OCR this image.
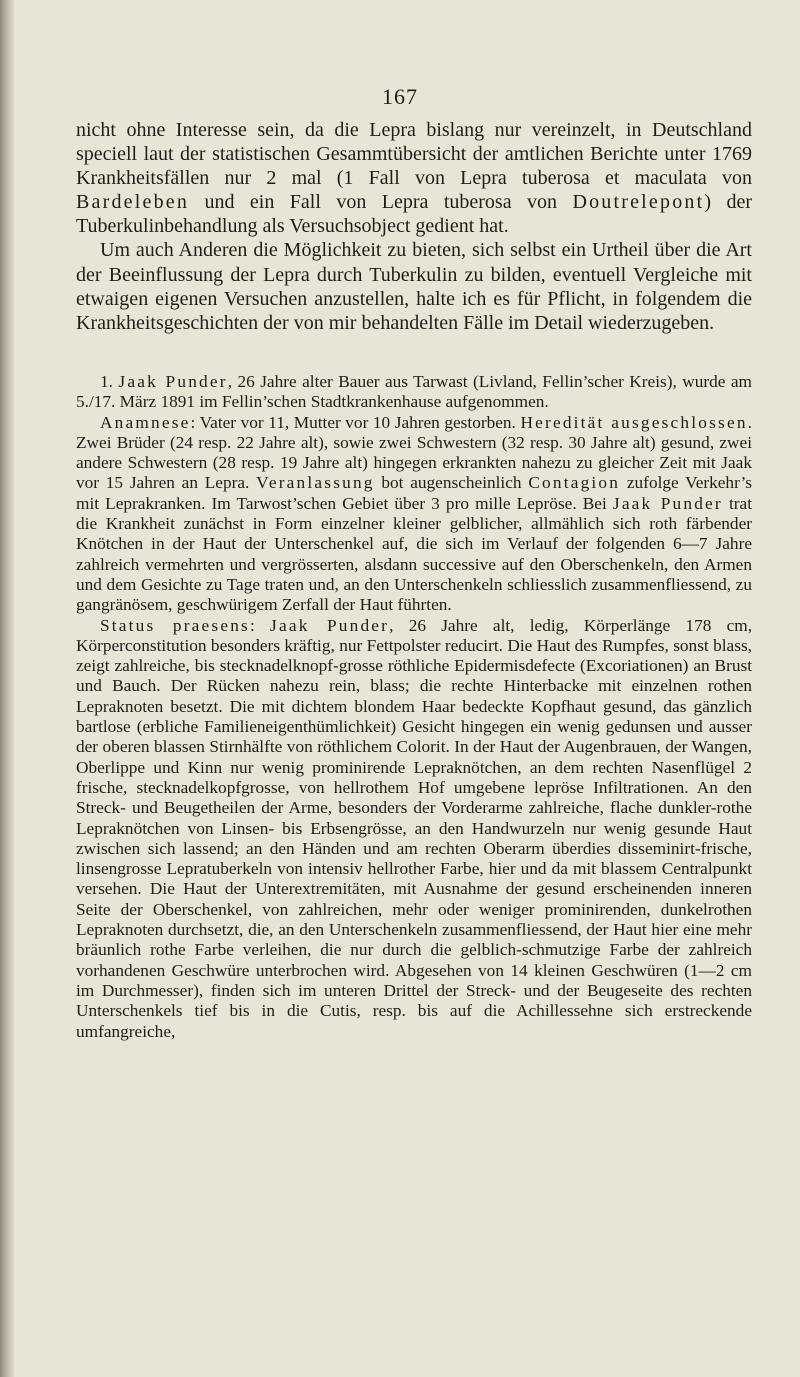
167

nicht ohne Interesse sein, da die Lepra bislang nur vereinzelt, in Deutschland speciell laut der statistischen Gesammtübersicht der amtlichen Berichte unter 1769 Krankheitsfällen nur 2 mal (1 Fall von Lepra tuberosa et maculata von Bardeleben und ein Fall von Lepra tuberosa von Doutrelepont) der Tuberkulinbehandlung als Versuchsobject gedient hat.

Um auch Anderen die Möglichkeit zu bieten, sich selbst ein Urtheil über die Art der Beeinflussung der Lepra durch Tuberkulin zu bilden, eventuell Vergleiche mit etwaigen eigenen Versuchen anzustellen, halte ich es für Pflicht, in folgendem die Krankheitsgeschichten der von mir behandelten Fälle im Detail wiederzugeben.

1. Jaak Punder, 26 Jahre alter Bauer aus Tarwast (Livland, Fellin’scher Kreis), wurde am 5./17. März 1891 im Fellin’schen Stadtkrankenhause aufgenommen.

Anamnese: Vater vor 11, Mutter vor 10 Jahren gestorben. Heredität ausgeschlossen. Zwei Brüder (24 resp. 22 Jahre alt), sowie zwei Schwestern (32 resp. 30 Jahre alt) gesund, zwei andere Schwestern (28 resp. 19 Jahre alt) hingegen erkrankten nahezu zu gleicher Zeit mit Jaak vor 15 Jahren an Lepra. Veranlassung bot augenscheinlich Contagion zufolge Verkehr’s mit Leprakranken. Im Tarwost’schen Gebiet über 3 pro mille Lepröse. Bei Jaak Punder trat die Krankheit zunächst in Form einzelner kleiner gelblicher, allmählich sich roth färbender Knötchen in der Haut der Unterschenkel auf, die sich im Verlauf der folgenden 6—7 Jahre zahlreich vermehrten und vergrösserten, alsdann successive auf den Oberschenkeln, den Armen und dem Gesichte zu Tage traten und, an den Unterschenkeln schliesslich zusammenfliessend, zu gangränösem, geschwürigem Zerfall der Haut führten.

Status praesens: Jaak Punder, 26 Jahre alt, ledig, Körperlänge 178 cm, Körperconstitution besonders kräftig, nur Fettpolster reducirt. Die Haut des Rumpfes, sonst blass, zeigt zahlreiche, bis stecknadelknopf-grosse röthliche Epidermisdefecte (Excoriationen) an Brust und Bauch. Der Rücken nahezu rein, blass; die rechte Hinterbacke mit einzelnen rothen Lepraknoten besetzt. Die mit dichtem blondem Haar bedeckte Kopfhaut gesund, das gänzlich bartlose (erbliche Familieneigenthümlichkeit) Gesicht hingegen ein wenig gedunsen und ausser der oberen blassen Stirnhälfte von röthlichem Colorit. In der Haut der Augenbrauen, der Wangen, Oberlippe und Kinn nur wenig prominirende Lepraknötchen, an dem rechten Nasenflügel 2 frische, stecknadelkopfgrosse, von hellrothem Hof umgebene lepröse Infiltrationen. An den Streck- und Beugetheilen der Arme, besonders der Vorderarme zahlreiche, flache dunkler-rothe Lepraknötchen von Linsen- bis Erbsengrösse, an den Handwurzeln nur wenig gesunde Haut zwischen sich lassend; an den Händen und am rechten Oberarm überdies disseminirt-frische, linsengrosse Lepratuberkeln von intensiv hellrother Farbe, hier und da mit blassem Centralpunkt versehen. Die Haut der Unterextremitäten, mit Ausnahme der gesund erscheinenden inneren Seite der Oberschenkel, von zahlreichen, mehr oder weniger prominirenden, dunkelrothen Lepraknoten durchsetzt, die, an den Unterschenkeln zusammenfliessend, der Haut hier eine mehr bräunlich rothe Farbe verleihen, die nur durch die gelblich-schmutzige Farbe der zahlreich vorhandenen Geschwüre unterbrochen wird. Abgesehen von 14 kleinen Geschwüren (1—2 cm im Durchmesser), finden sich im unteren Drittel der Streck- und der Beugeseite des rechten Unterschenkels tief bis in die Cutis, resp. bis auf die Achillessehne sich erstreckende umfangreiche,
